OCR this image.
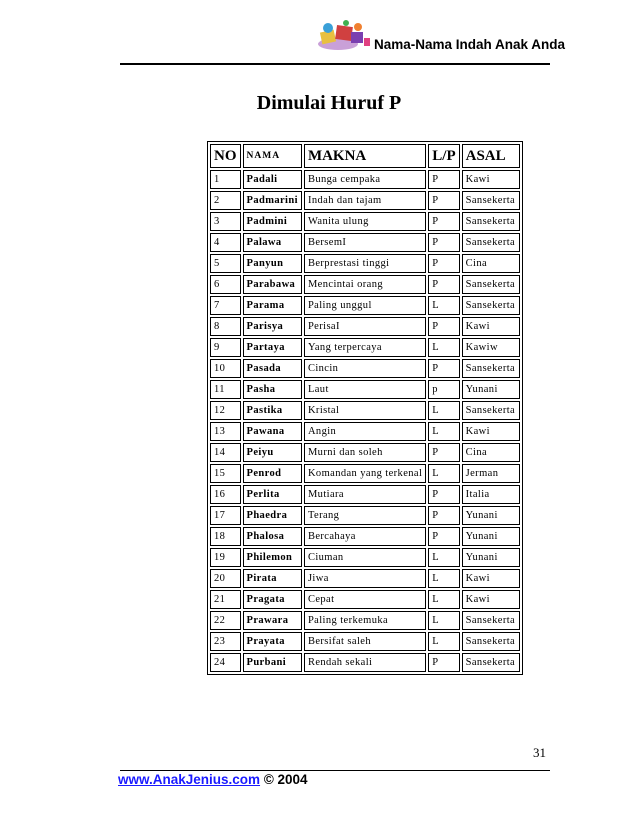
Nama-Nama Indah Anak Anda
Dimulai Huruf P
NO	NAMA	MAKNA	L/P	ASAL
1	Padali	Bunga cempaka	P	Kawi
2	Padmarini	Indah dan tajam	P	Sansekerta
3	Padmini	Wanita ulung	P	Sansekerta
4	Palawa	BersemI	P	Sansekerta
5	Panyun	Berprestasi tinggi	P	Cina
6	Parabawa	Mencintai orang	P	Sansekerta
7	Parama	Paling unggul	L	Sansekerta
8	Parisya	PerisaI	P	Kawi
9	Partaya	Yang terpercaya	L	Kawiw
10	Pasada	Cincin	P	Sansekerta
11	Pasha	Laut	p	Yunani
12	Pastika	Kristal	L	Sansekerta
13	Pawana	Angin	L	Kawi
14	Peiyu	Murni dan soleh	P	Cina
15	Penrod	Komandan yang terkenal	L	Jerman
16	Perlita	Mutiara	P	Italia
17	Phaedra	Terang	P	Yunani
18	Phalosa	Bercahaya	P	Yunani
19	Philemon	Ciuman	L	Yunani
20	Pirata	Jiwa	L	Kawi
21	Pragata	Cepat	L	Kawi
22	Prawara	Paling terkemuka	L	Sansekerta
23	Prayata	Bersifat saleh	L	Sansekerta
24	Purbani	Rendah sekali	P	Sansekerta
31
www.AnakJenius.com © 2004
